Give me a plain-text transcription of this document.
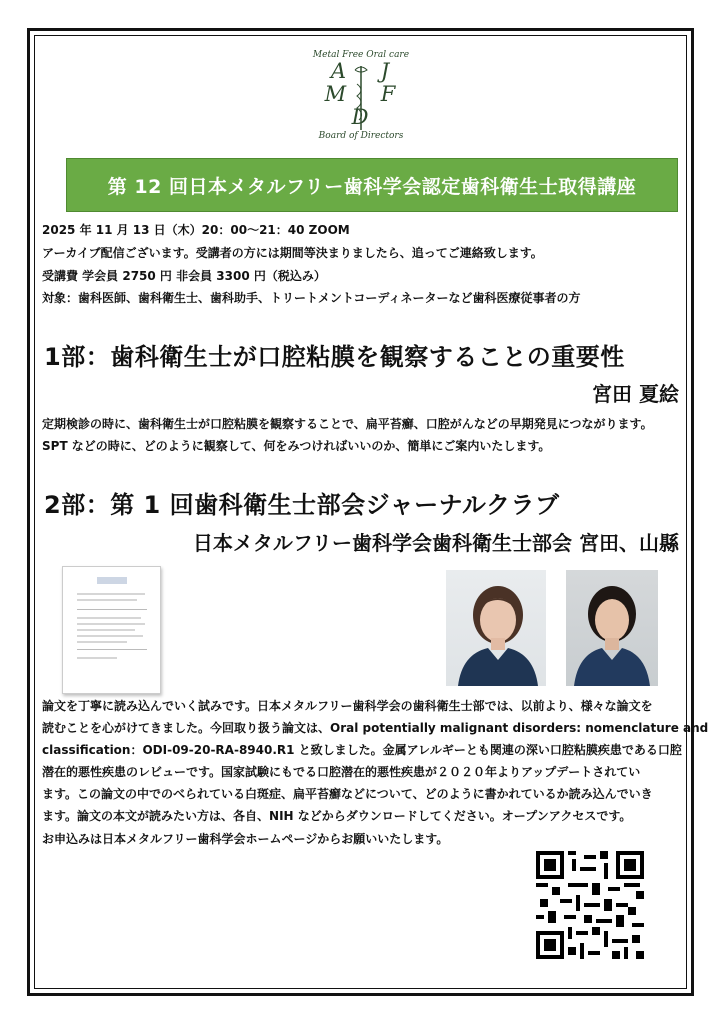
Metal Free Oral care
A J
M F D
Board of Directors
第 12 回日本メタルフリー歯科学会認定歯科衛生士取得講座
2025 年 11 月 13 日（木）20：00～21：40 ZOOM
アーカイブ配信ございます。受講者の方には期間等決まりましたら、追ってご連絡致します。
受講費 学会員 2750 円 非会員 3300 円（税込み）
対象：歯科医師、歯科衛生士、歯科助手、トリートメントコーディネーターなど歯科医療従事者の方
1部：歯科衛生士が口腔粘膜を観察することの重要性
宮田 夏絵
定期検診の時に、歯科衛生士が口腔粘膜を観察することで、扁平苔癬、口腔がんなどの早期発見につながります。
SPT などの時に、どのように観察して、何をみつければいいのか、簡単にご案内いたします。
2部：第 1 回歯科衛生士部会ジャーナルクラブ
日本メタルフリー歯科学会歯科衛生士部会 宮田、山縣
論文を丁寧に読み込んでいく試みです。日本メタルフリー歯科学会の歯科衛生士部では、以前より、様々な論文を
読むことを心がけてきました。今回取り扱う論文は、Oral potentially malignant disorders: nomenclature and
classification：ODI-09-20-RA-8940.R1 と致しました。金属アレルギーとも関連の深い口腔粘膜疾患である口腔
潜在的悪性疾患のレビューです。国家試験にもでる口腔潜在的悪性疾患が２０２０年よりアップデートされてい
ます。この論文の中でのべられている白斑症、扁平苔癬などについて、どのように書かれているか読み込んでいき
ます。論文の本文が読みたい方は、各自、NIH などからダウンロードしてください。オープンアクセスです。
お申込みは日本メタルフリー歯科学会ホームページからお願いいたします。
